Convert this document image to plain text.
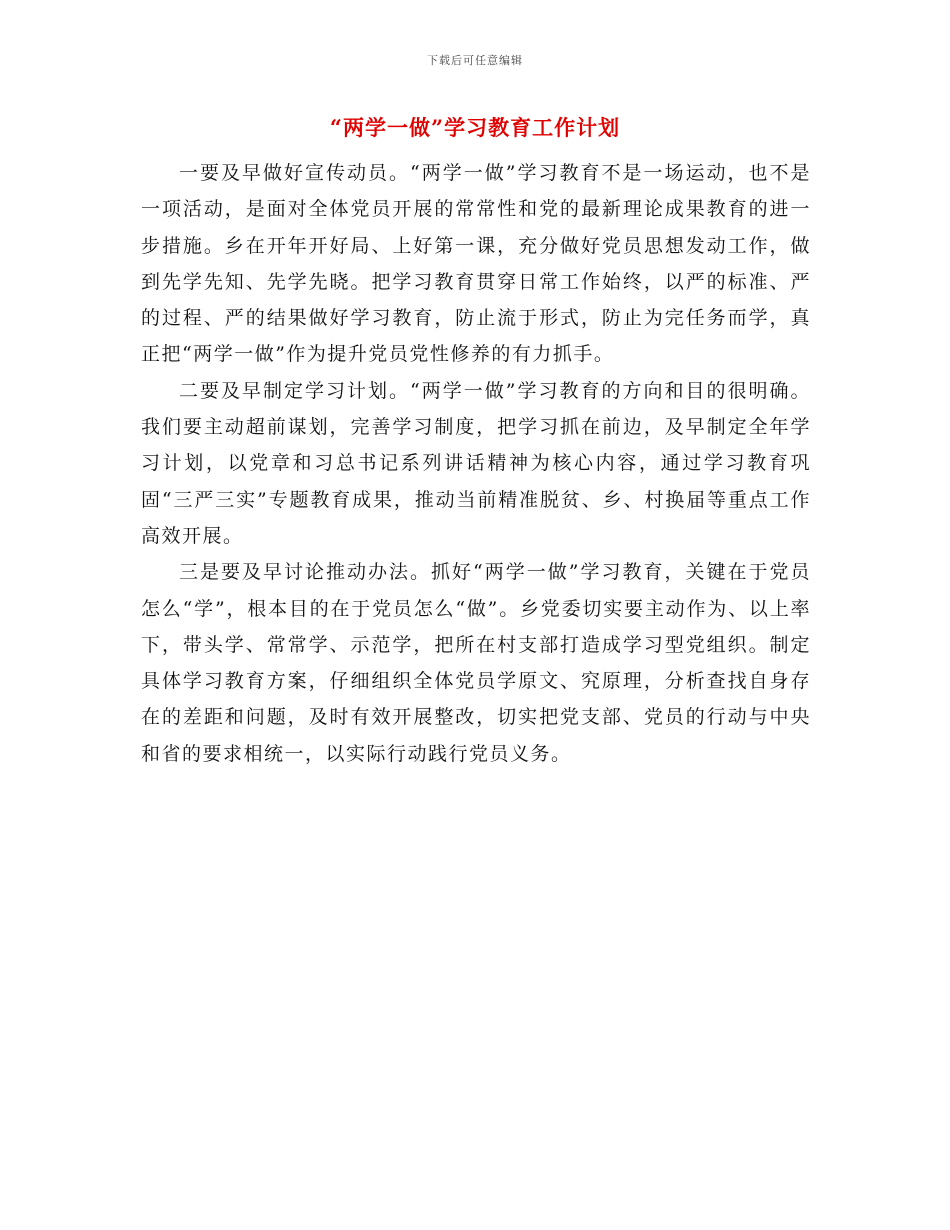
下载后可任意编辑
“两学一做”学习教育工作计划

一要及早做好宣传动员。“两学一做”学习教育不是一场运动，也不是一项活动，是面对全体党员开展的常常性和党的最新理论成果教育的进一步措施。乡在开年开好局、上好第一课，充分做好党员思想发动工作，做到先学先知、先学先晓。把学习教育贯穿日常工作始终，以严的标准、严的过程、严的结果做好学习教育，防止流于形式，防止为完任务而学，真正把“两学一做”作为提升党员党性修养的有力抓手。

二要及早制定学习计划。“两学一做”学习教育的方向和目的很明确。我们要主动超前谋划，完善学习制度，把学习抓在前边，及早制定全年学习计划，以党章和习总书记系列讲话精神为核心内容，通过学习教育巩固“三严三实”专题教育成果，推动当前精准脱贫、乡、村换届等重点工作高效开展。

三是要及早讨论推动办法。抓好“两学一做”学习教育，关键在于党员怎么“学”，根本目的在于党员怎么“做”。乡党委切实要主动作为、以上率下，带头学、常常学、示范学，把所在村支部打造成学习型党组织。制定具体学习教育方案，仔细组织全体党员学原文、究原理，分析查找自身存在的差距和问题，及时有效开展整改，切实把党支部、党员的行动与中央和省的要求相统一，以实际行动践行党员义务。
